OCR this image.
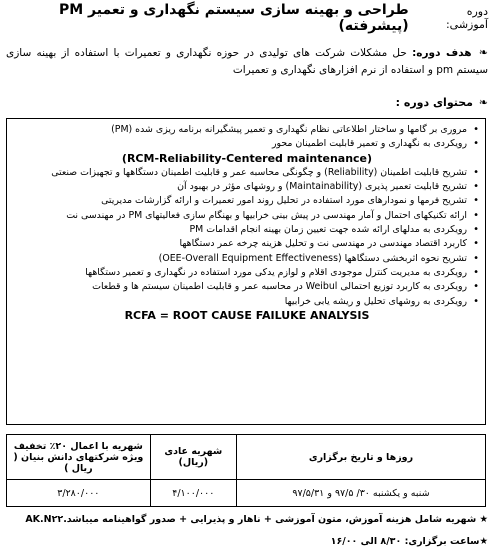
دوره آموزشی:
طراحی و بهینه سازی سیستم نگهداری و تعمیر PM (پیشرفته)
❧ هدف دوره: حل مشکلات شرکت های تولیدی در حوزه نگهداری و تعمیرات با استفاده از بهینه سازی سیستم pm و استفاده از نرم افزارهای نگهداری و تعمیرات
❧ محتوای دوره :
•
مروری بر گامها و ساختار اطلاعاتی نظام نگهداری و تعمیر پیشگیرانه برنامه ریزی شده (PM)
•
رویکردی به نگهداری و تعمیر قابلیت اطمینان محور
(RCM-Reliability-Centered maintenance)
•
تشریح قابلیت اطمینان (Reliability) و چگونگی محاسبه عمر و قابلیت اطمینان دستگاهها و تجهیزات صنعتی
•
تشریح قابلیت تعمیر پذیری (Maintainability) و روشهای مؤثر در بهبود آن
•
تشریح فرمها و نمودارهای مورد استفاده در تحلیل روند امور تعمیرات و ارائه گزارشات مدیریتی
•
ارائه تکنیکهای احتمال و آمار مهندسی در پیش بینی خرابیها و بهنگام سازی فعالیتهای PM در مهندسی نت
•
رویکردی به مدلهای ارائه شده جهت تعیین زمان بهینه انجام اقدامات PM
•
کاربرد اقتصاد مهندسی در مهندسی نت و تحلیل هزینه چرخه عمر دستگاهها
•
تشریح نحوه اثربخشی دستگاهها (OEE-Overall Equipment Effectiveness)
•
رویکردی به مدیریت کنترل موجودی اقلام و لوازم یدکی مورد استفاده در نگهداری و تعمیر دستگاهها
•
رویکردی به کاربرد توزیع احتمالی Weibul در محاسبه عمر و قابلیت اطمینان سیستم ها و قطعات
•
رویکردی به روشهای تحلیل و ریشه یابی خرابیها
RCFA = ROOT CAUSE FAILUKE ANALYSIS
روزها و تاریخ برگزاری	شهریه عادی (ریال)	شهریه با اعمال ۲۰٪ تخفیف ویژه شرکتهای دانش بنیان ( ریال )
شنبه و یکشنبه ۳۰/ ۹۷/۵ و ۹۷/۵/۳۱	۴/۱۰۰/۰۰۰	۳/۲۸۰/۰۰۰
★ شهریه شامل هزینه آموزش، متون آموزشی + ناهار و پذیرایی + صدور گواهینامه میباشد.AK.N۲۲
★ساعت برگزاری: ۸/۳۰ الی ۱۶/۰۰
